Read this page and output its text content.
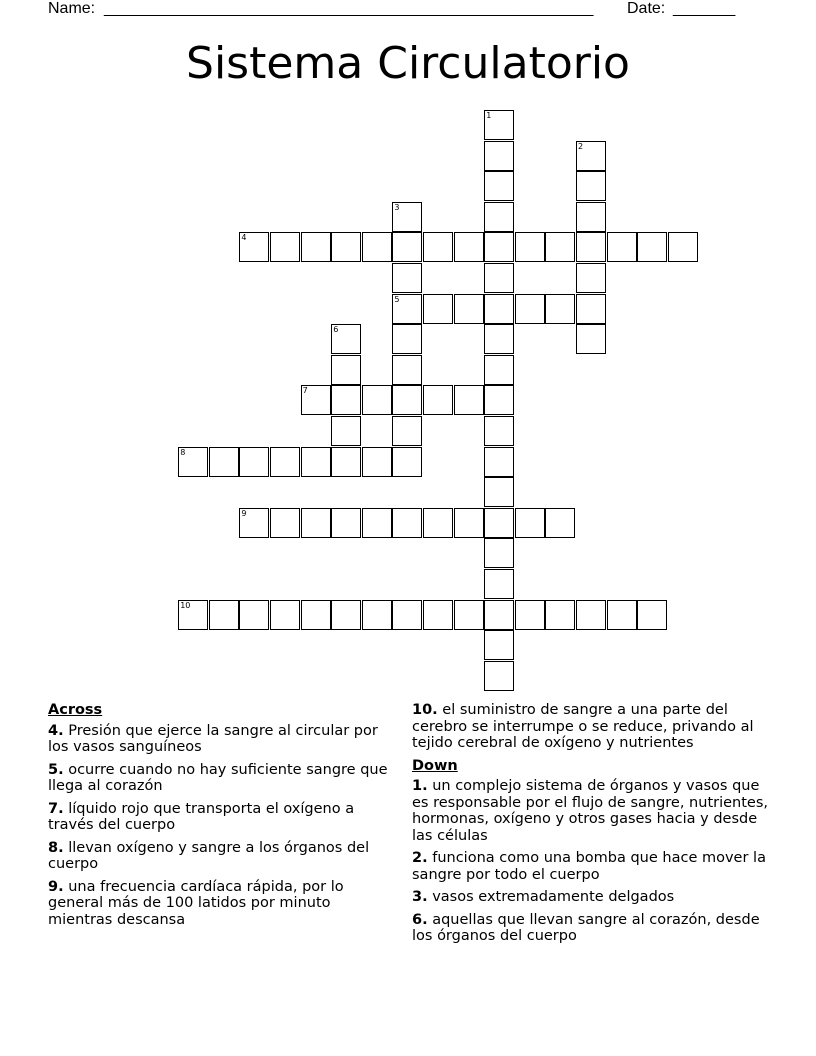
Name: _______________________________________________________ Date: _______
Sistema Circulatorio
1
2
3
5
4
6
7
8
9
10
Across
4. Presión que ejerce la sangre al circular por los vasos sanguíneos
5. ocurre cuando no hay suficiente sangre que llega al corazón
7. líquido rojo que transporta el oxígeno a través del cuerpo
8. llevan oxígeno y sangre a los órganos del cuerpo
9. una frecuencia cardíaca rápida, por lo general más de 100 latidos por minuto mientras descansa
10. el suministro de sangre a una parte del cerebro se interrumpe o se reduce, privando al tejido cerebral de oxígeno y nutrientes
Down
1. un complejo sistema de órganos y vasos que es responsable por el flujo de sangre, nutrientes, hormonas, oxígeno y otros gases hacia y desde las células
2. funciona como una bomba que hace mover la sangre por todo el cuerpo
3. vasos extremadamente delgados
6. aquellas que llevan sangre al corazón, desde los órganos del cuerpo
